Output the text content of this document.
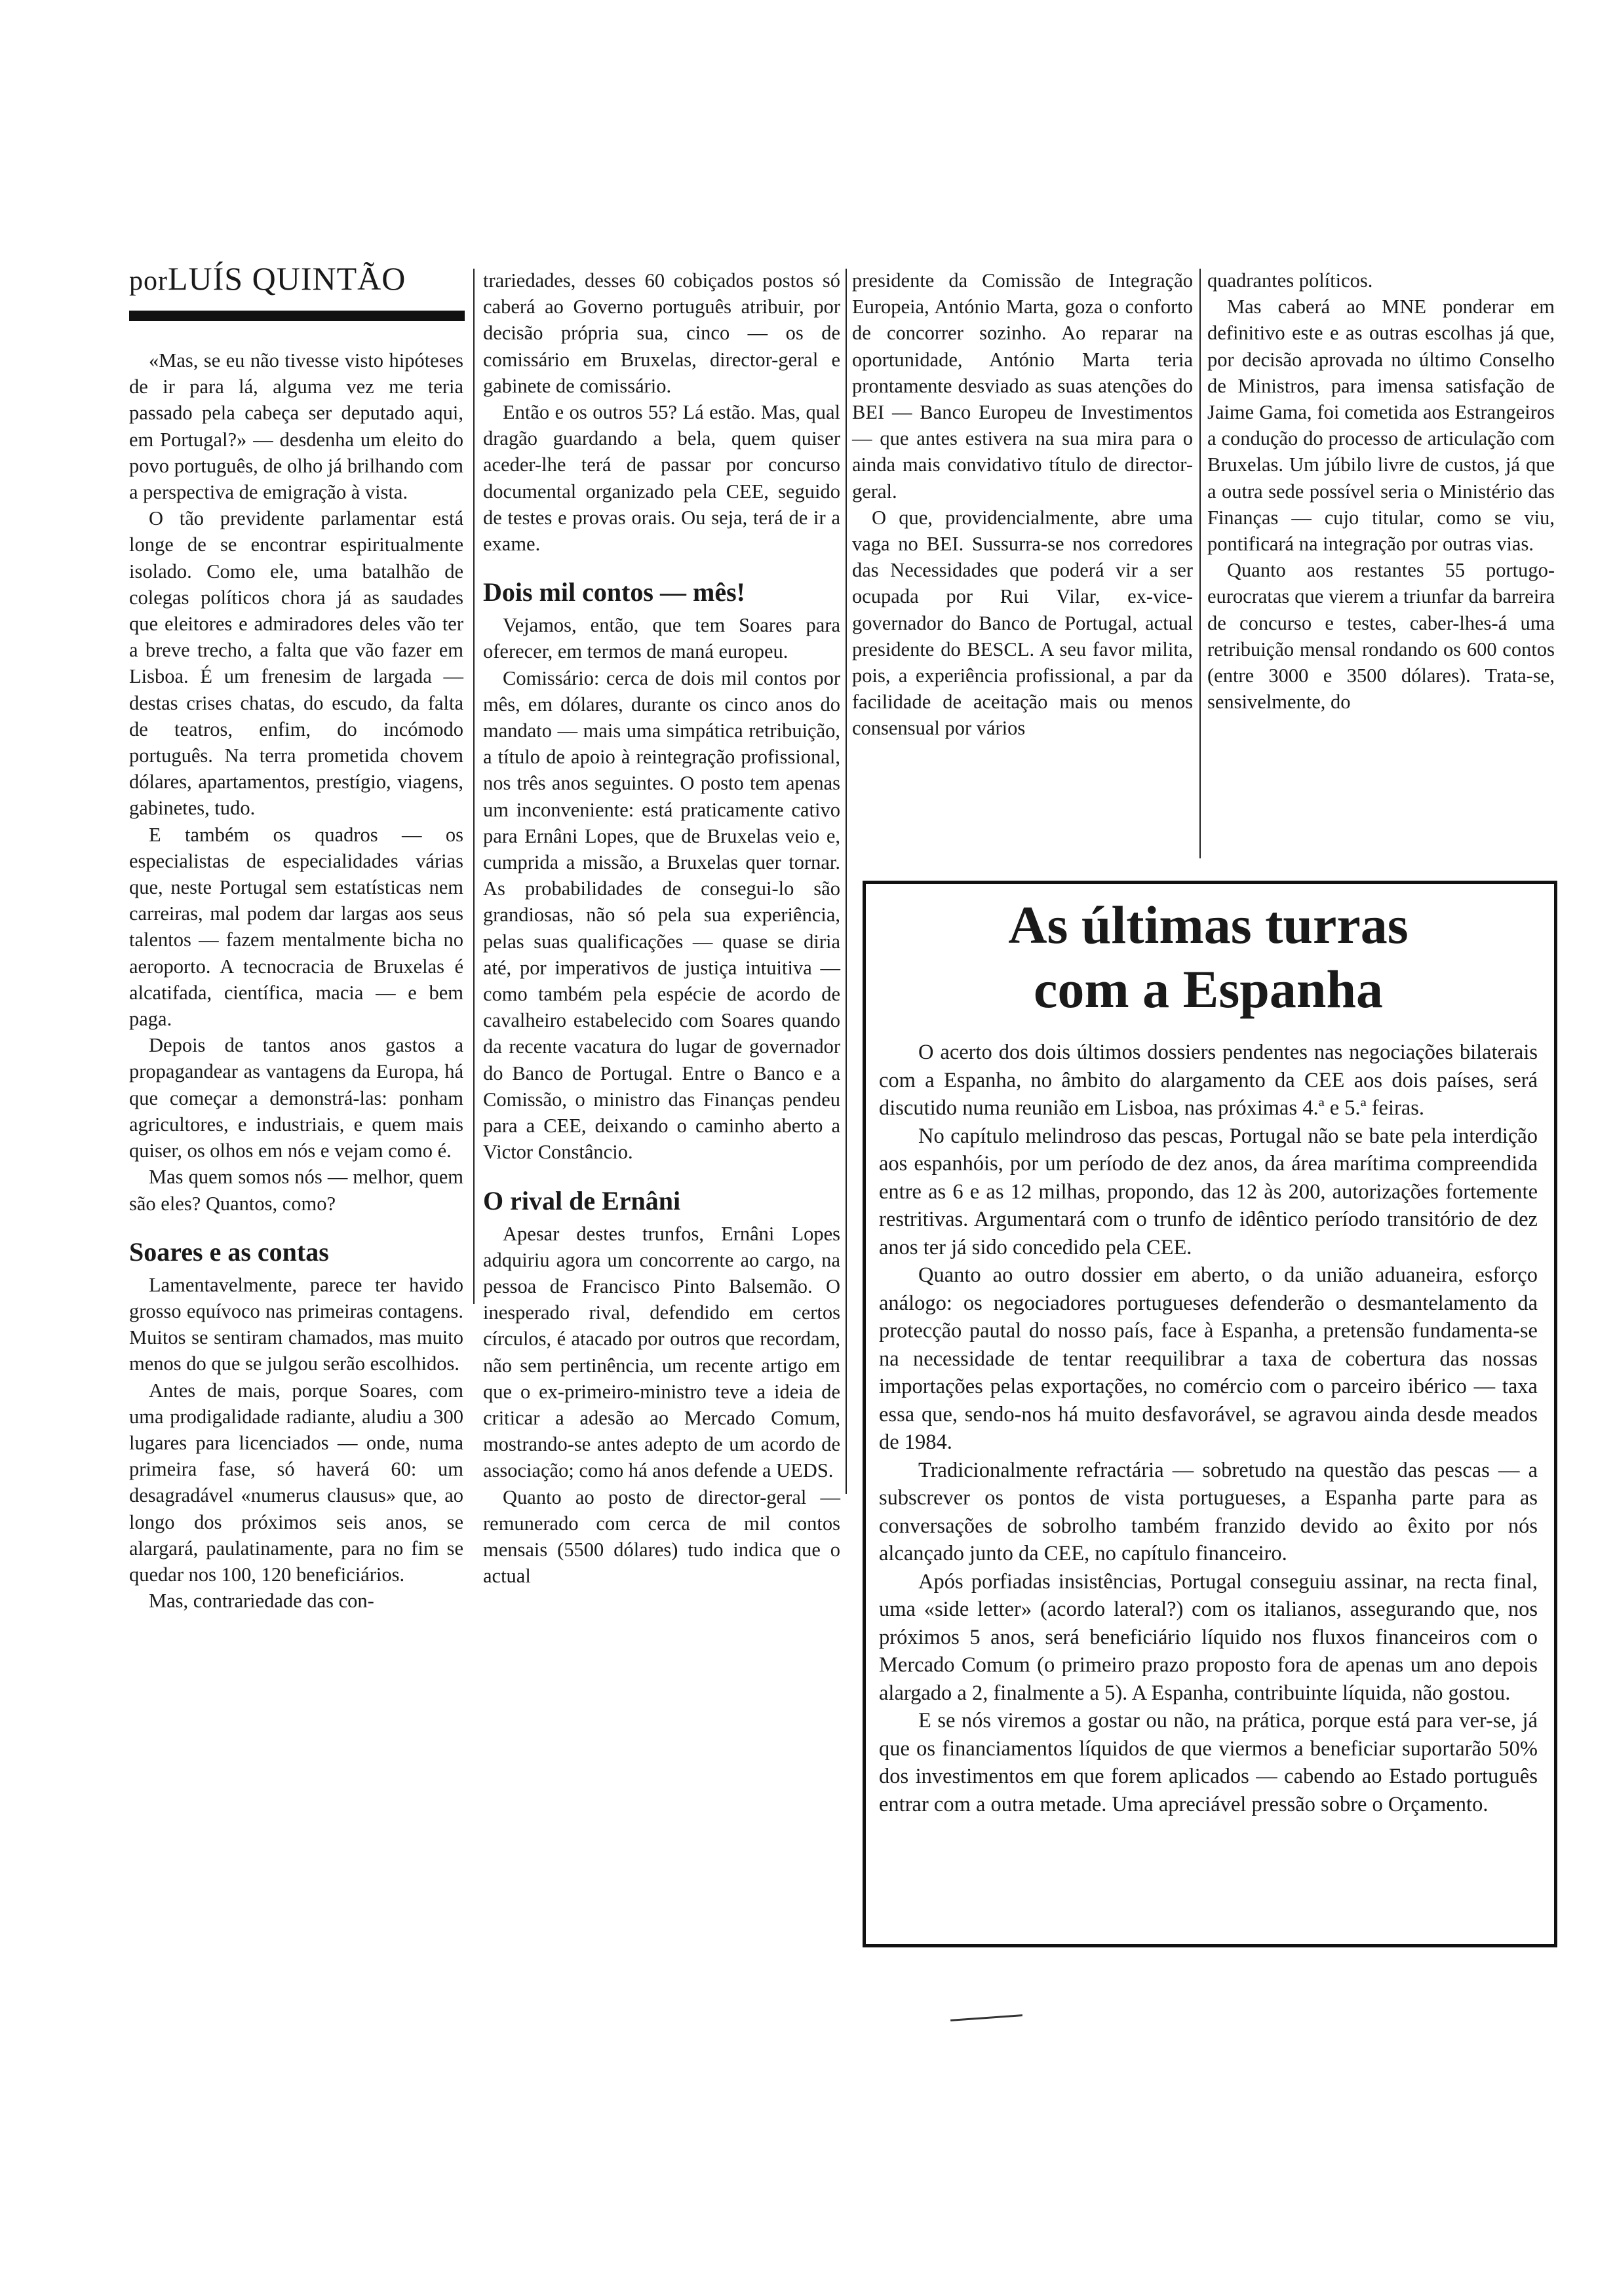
porLUÍS QUINTÃO

«Mas, se eu não tivesse visto hipóteses de ir para lá, alguma vez me teria passado pela cabeça ser deputado aqui, em Portugal?» — desdenha um eleito do povo português, de olho já brilhando com a perspectiva de emigração à vista.

O tão previdente parlamentar está longe de se encontrar espiritualmente isolado. Como ele, uma batalhão de colegas políticos chora já as saudades que eleitores e admiradores deles vão ter a breve trecho, a falta que vão fazer em Lisboa. É um frenesim de largada — destas crises chatas, do escudo, da falta de teatros, enfim, do incómodo português. Na terra prometida chovem dólares, apartamentos, prestígio, viagens, gabinetes, tudo.

E também os quadros — os especialistas de especialidades várias que, neste Portugal sem estatísticas nem carreiras, mal podem dar largas aos seus talentos — fazem mentalmente bicha no aeroporto. A tecnocracia de Bruxelas é alcatifada, científica, macia — e bem paga.

Depois de tantos anos gastos a propagandear as vantagens da Europa, há que começar a demonstrá-las: ponham agricultores, e industriais, e quem mais quiser, os olhos em nós e vejam como é.

Mas quem somos nós — melhor, quem são eles? Quantos, como?

Soares e as contas

Lamentavelmente, parece ter havido grosso equívoco nas primeiras contagens. Muitos se sentiram chamados, mas muito menos do que se julgou serão escolhidos.

Antes de mais, porque Soares, com uma prodigalidade radiante, aludiu a 300 lugares para licenciados — onde, numa primeira fase, só haverá 60: um desagradável «numerus clausus» que, ao longo dos próximos seis anos, se alargará, paulatinamente, para no fim se quedar nos 100, 120 beneficiários.

Mas, contrariedade das con-

trariedades, desses 60 cobiçados postos só caberá ao Governo português atribuir, por decisão própria sua, cinco — os de comissário em Bruxelas, director-geral e gabinete de comissário.

Então e os outros 55? Lá estão. Mas, qual dragão guardando a bela, quem quiser aceder-lhe terá de passar por concurso documental organizado pela CEE, seguido de testes e provas orais. Ou seja, terá de ir a exame.

Dois mil contos — mês!

Vejamos, então, que tem Soares para oferecer, em termos de maná europeu.

Comissário: cerca de dois mil contos por mês, em dólares, durante os cinco anos do mandato — mais uma simpática retribuição, a título de apoio à reintegração profissional, nos três anos seguintes. O posto tem apenas um inconveniente: está praticamente cativo para Ernâni Lopes, que de Bruxelas veio e, cumprida a missão, a Bruxelas quer tornar. As probabilidades de consegui-lo são grandiosas, não só pela sua experiência, pelas suas qualificações — quase se diria até, por imperativos de justiça intuitiva — como também pela espécie de acordo de cavalheiro estabelecido com Soares quando da recente vacatura do lugar de governador do Banco de Portugal. Entre o Banco e a Comissão, o ministro das Finanças pendeu para a CEE, deixando o caminho aberto a Victor Constâncio.

O rival de Ernâni

Apesar destes trunfos, Ernâni Lopes adquiriu agora um concorrente ao cargo, na pessoa de Francisco Pinto Balsemão. O inesperado rival, defendido em certos círculos, é atacado por outros que recordam, não sem pertinência, um recente artigo em que o ex-primeiro-ministro teve a ideia de criticar a adesão ao Mercado Comum, mostrando-se antes adepto de um acordo de associação; como há anos defende a UEDS.

Quanto ao posto de director-geral — remunerado com cerca de mil contos mensais (5500 dólares) tudo indica que o actual

presidente da Comissão de Integração Europeia, António Marta, goza o conforto de concorrer sozinho. Ao reparar na oportunidade, António Marta teria prontamente desviado as suas atenções do BEI — Banco Europeu de Investimentos — que antes estivera na sua mira para o ainda mais convidativo título de director-geral.

O que, providencialmente, abre uma vaga no BEI. Sussurra-se nos corredores das Necessidades que poderá vir a ser ocupada por Rui Vilar, ex-vice-governador do Banco de Portugal, actual presidente do BESCL. A seu favor milita, pois, a experiência profissional, a par da facilidade de aceitação mais ou menos consensual por vários

quadrantes políticos.

Mas caberá ao MNE ponderar em definitivo este e as outras escolhas já que, por decisão aprovada no último Conselho de Ministros, para imensa satisfação de Jaime Gama, foi cometida aos Estrangeiros a condução do processo de articulação com Bruxelas. Um júbilo livre de custos, já que a outra sede possível seria o Ministério das Finanças — cujo titular, como se viu, pontificará na integração por outras vias.

Quanto aos restantes 55 portugo-eurocratas que vierem a triunfar da barreira de concurso e testes, caber-lhes-á uma retribuição mensal rondando os 600 contos (entre 3000 e 3500 dólares). Trata-se, sensivelmente, do

As últimas turras
com a Espanha

O acerto dos dois últimos dossiers pendentes nas negociações bilaterais com a Espanha, no âmbito do alargamento da CEE aos dois países, será discutido numa reunião em Lisboa, nas próximas 4.ª e 5.ª feiras.

No capítulo melindroso das pescas, Portugal não se bate pela interdição aos espanhóis, por um período de dez anos, da área marítima compreendida entre as 6 e as 12 milhas, propondo, das 12 às 200, autorizações fortemente restritivas. Argumentará com o trunfo de idêntico período transitório de dez anos ter já sido concedido pela CEE.

Quanto ao outro dossier em aberto, o da união aduaneira, esforço análogo: os negociadores portugueses defenderão o desmantelamento da protecção pautal do nosso país, face à Espanha, a pretensão fundamenta-se na necessidade de tentar reequilibrar a taxa de cobertura das nossas importações pelas exportações, no comércio com o parceiro ibérico — taxa essa que, sendo-nos há muito desfavorável, se agravou ainda desde meados de 1984.

Tradicionalmente refractária — sobretudo na questão das pescas — a subscrever os pontos de vista portugueses, a Espanha parte para as conversações de sobrolho também franzido devido ao êxito por nós alcançado junto da CEE, no capítulo financeiro.

Após porfiadas insistências, Portugal conseguiu assinar, na recta final, uma «side letter» (acordo lateral?) com os italianos, assegurando que, nos próximos 5 anos, será beneficiário líquido nos fluxos financeiros com o Mercado Comum (o primeiro prazo proposto fora de apenas um ano depois alargado a 2, finalmente a 5). A Espanha, contribuinte líquida, não gostou.

E se nós viremos a gostar ou não, na prática, porque está para ver-se, já que os financiamentos líquidos de que viermos a beneficiar suportarão 50% dos investimentos em que forem aplicados — cabendo ao Estado português entrar com a outra metade. Uma apreciável pressão sobre o Orçamento.
